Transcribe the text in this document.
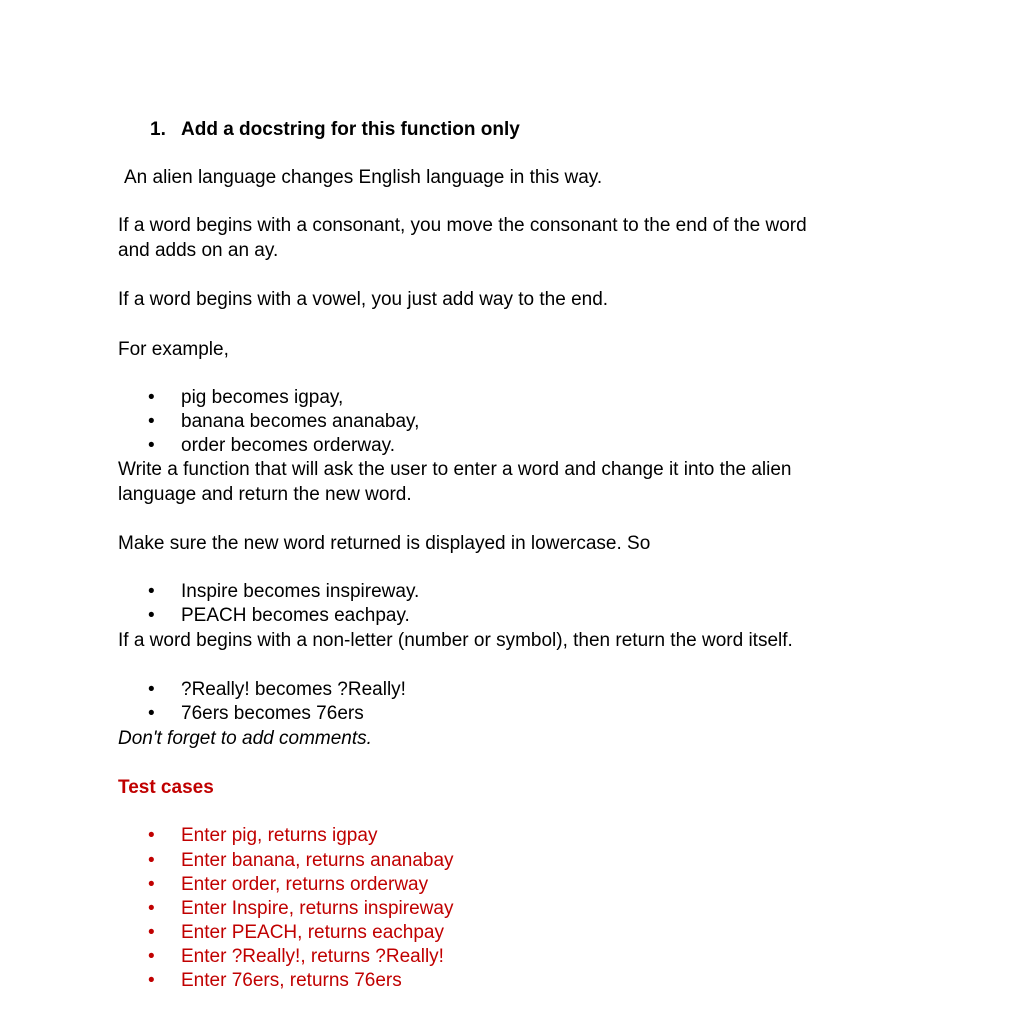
1. Add a docstring for this function only
An alien language changes English language in this way.
If a word begins with a consonant, you move the consonant to the end of the word
and adds on an ay.
If a word begins with a vowel, you just add way to the end.
For example,
• pig becomes igpay,
• banana becomes ananabay,
• order becomes orderway.
Write a function that will ask the user to enter a word and change it into the alien
language and return the new word.
Make sure the new word returned is displayed in lowercase. So
• Inspire becomes inspireway.
• PEACH becomes eachpay.
If a word begins with a non-letter (number or symbol), then return the word itself.
• ?Really! becomes ?Really!
• 76ers becomes 76ers
Don't forget to add comments.
Test cases
• Enter pig, returns igpay
• Enter banana, returns ananabay
• Enter order, returns orderway
• Enter Inspire, returns inspireway
• Enter PEACH, returns eachpay
• Enter ?Really!, returns ?Really!
• Enter 76ers, returns 76ers
